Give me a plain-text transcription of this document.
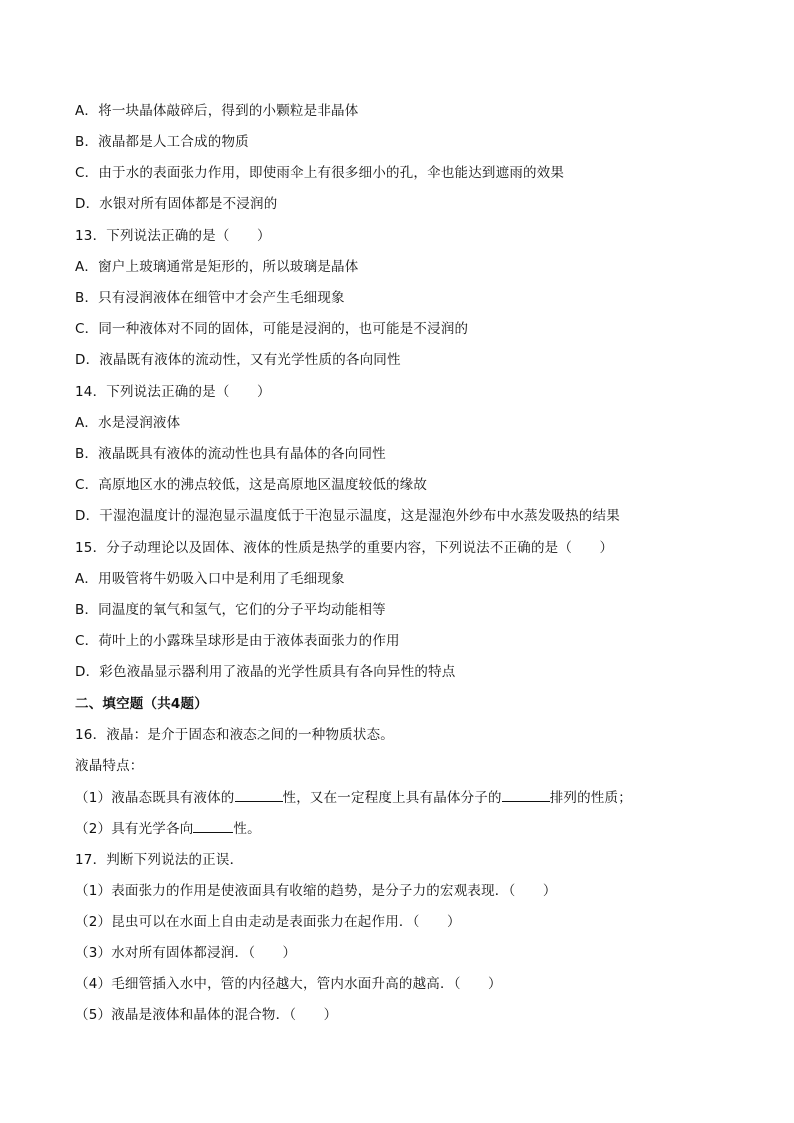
A．将一块晶体敲碎后，得到的小颗粒是非晶体
B．液晶都是人工合成的物质
C．由于水的表面张力作用，即使雨伞上有很多细小的孔，伞也能达到遮雨的效果
D．水银对所有固体都是不浸润的
13．下列说法正确的是（　　）
A．窗户上玻璃通常是矩形的，所以玻璃是晶体
B．只有浸润液体在细管中才会产生毛细现象
C．同一种液体对不同的固体，可能是浸润的，也可能是不浸润的
D．液晶既有液体的流动性，又有光学性质的各向同性
14．下列说法正确的是（　　）
A．水是浸润液体
B．液晶既具有液体的流动性也具有晶体的各向同性
C．高原地区水的沸点较低，这是高原地区温度较低的缘故
D．干湿泡温度计的湿泡显示温度低于干泡显示温度，这是湿泡外纱布中水蒸发吸热的结果
15．分子动理论以及固体、液体的性质是热学的重要内容，下列说法不正确的是（　　）
A．用吸管将牛奶吸入口中是利用了毛细现象
B．同温度的氧气和氢气，它们的分子平均动能相等
C．荷叶上的小露珠呈球形是由于液体表面张力的作用
D．彩色液晶显示器利用了液晶的光学性质具有各向异性的特点
二、填空题（共4题）
16．液晶：是介于固态和液态之间的一种物质状态。
液晶特点：
（1）液晶态既具有液体的	性，又在一定程度上具有晶体分子的	排列的性质；
（2）具有光学各向	性。
17．判断下列说法的正误．
（1）表面张力的作用是使液面具有收缩的趋势，是分子力的宏观表现．（　　）
（2）昆虫可以在水面上自由走动是表面张力在起作用．（　　）
（3）水对所有固体都浸润．（　　）
（4）毛细管插入水中，管的内径越大，管内水面升高的越高．（　　）
（5）液晶是液体和晶体的混合物．（　　）
